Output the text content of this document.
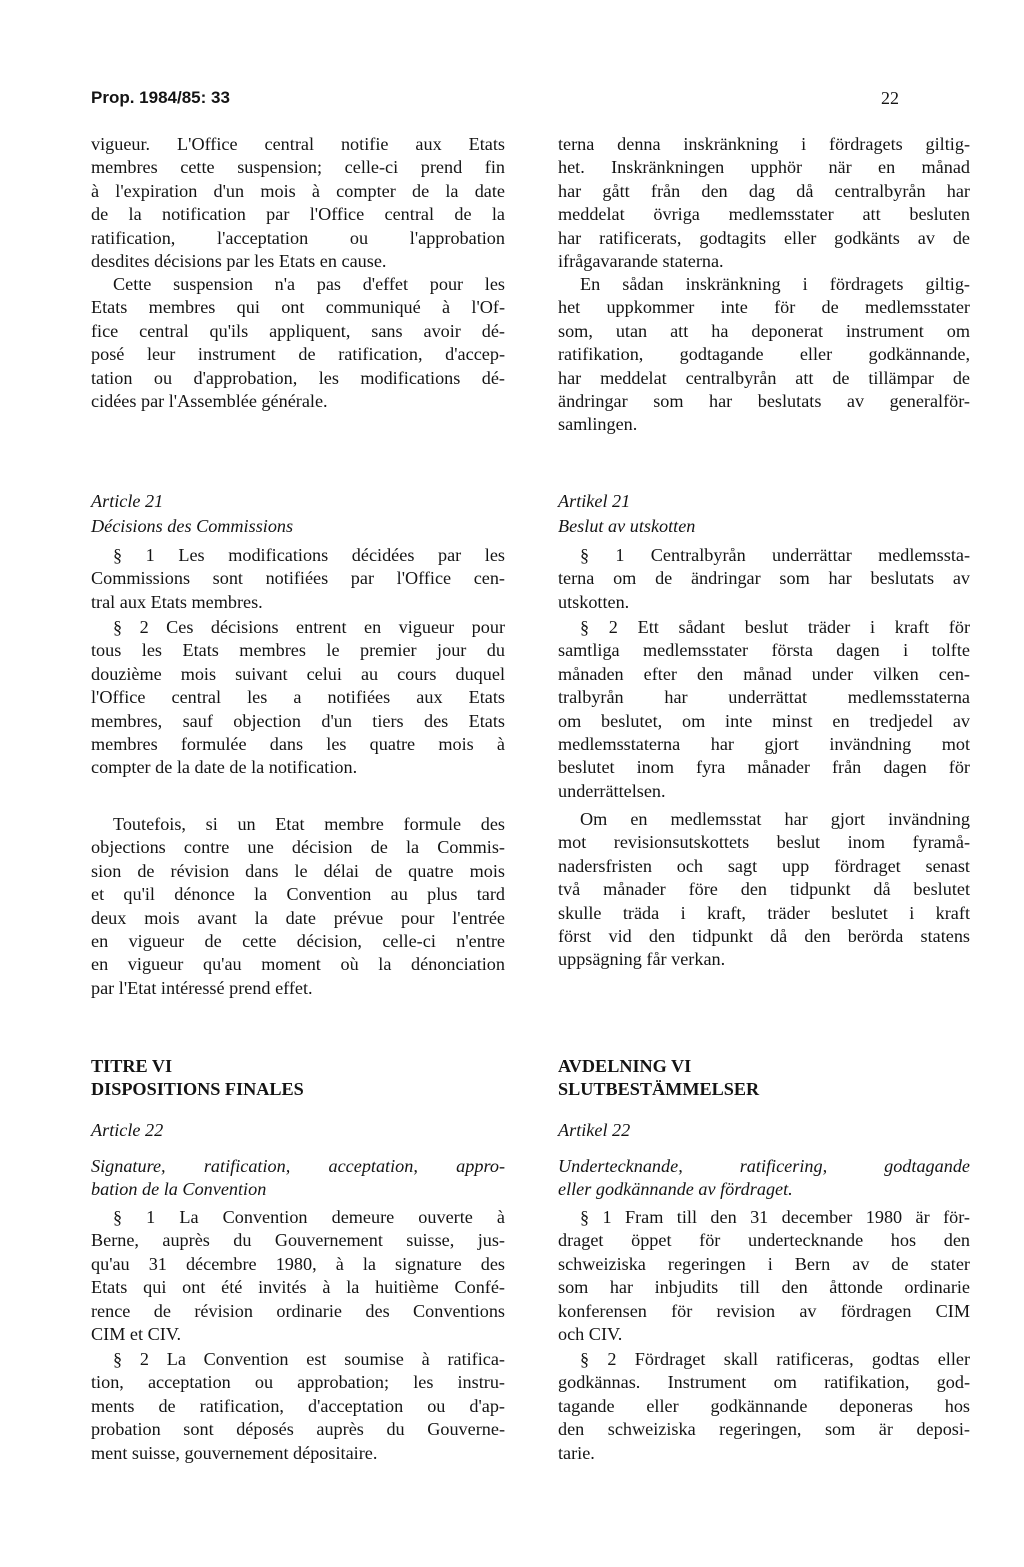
Prop. 1984/85: 33	22
vigueur. L'Office central notifie aux Etats
membres cette suspension; celle-ci prend fin
à l'expiration d'un mois à compter de la date
de la notification par l'Office central de la
ratification, l'acceptation ou l'approbation
desdites décisions par les Etats en cause.
Cette suspension n'a pas d'effet pour les
Etats membres qui ont communiqué à l'Of-
fice central qu'ils appliquent, sans avoir dé-
posé leur instrument de ratification, d'accep-
tation ou d'approbation, les modifications dé-
cidées par l'Assemblée générale.
Article 21
Décisions des Commissions
§ 1 Les modifications décidées par les
Commissions sont notifiées par l'Office cen-
tral aux Etats membres.
§ 2 Ces décisions entrent en vigueur pour
tous les Etats membres le premier jour du
douzième mois suivant celui au cours duquel
l'Office central les a notifiées aux Etats
membres, sauf objection d'un tiers des Etats
membres formulée dans les quatre mois à
compter de la date de la notification.
Toutefois, si un Etat membre formule des
objections contre une décision de la Commis-
sion de révision dans le délai de quatre mois
et qu'il dénonce la Convention au plus tard
deux mois avant la date prévue pour l'entrée
en vigueur de cette décision, celle-ci n'entre
en vigueur qu'au moment où la dénonciation
par l'Etat intéressé prend effet.
TITRE VI
DISPOSITIONS FINALES
Article 22
Signature, ratification, acceptation, appro-
bation de la Convention
§ 1 La Convention demeure ouverte à
Berne, auprès du Gouvernement suisse, jus-
qu'au 31 décembre 1980, à la signature des
Etats qui ont été invités à la huitième Confé-
rence de révision ordinarie des Conventions
CIM et CIV.
§ 2 La Convention est soumise à ratifica-
tion, acceptation ou approbation; les instru-
ments de ratification, d'acceptation ou d'ap-
probation sont déposés auprès du Gouverne-
ment suisse, gouvernement dépositaire.
terna denna inskränkning i fördragets giltig-
het. Inskränkningen upphör när en månad
har gått från den dag då centralbyrån har
meddelat övriga medlemsstater att besluten
har ratificerats, godtagits eller godkänts av de
ifrågavarande staterna.
En sådan inskränkning i fördragets giltig-
het uppkommer inte för de medlemsstater
som, utan att ha deponerat instrument om
ratifikation, godtagande eller godkännande,
har meddelat centralbyrån att de tillämpar de
ändringar som har beslutats av generalför-
samlingen.
Artikel 21
Beslut av utskotten
§ 1 Centralbyrån underrättar medlemssta-
terna om de ändringar som har beslutats av
utskotten.
§ 2 Ett sådant beslut träder i kraft för
samtliga medlemsstater första dagen i tolfte
månaden efter den månad under vilken cen-
tralbyrån har underrättat medlemsstaterna
om beslutet, om inte minst en tredjedel av
medlemsstaterna har gjort invändning mot
beslutet inom fyra månader från dagen för
underrättelsen.
Om en medlemsstat har gjort invändning
mot revisionsutskottets beslut inom fyramå-
nadersfristen och sagt upp fördraget senast
två månader före den tidpunkt då beslutet
skulle träda i kraft, träder beslutet i kraft
först vid den tidpunkt då den berörda statens
uppsägning får verkan.
AVDELNING VI
SLUTBESTÄMMELSER
Artikel 22
Undertecknande, ratificering, godtagande
eller godkännande av fördraget.
§ 1 Fram till den 31 december 1980 är för-
draget öppet för undertecknande hos den
schweiziska regeringen i Bern av de stater
som har inbjudits till den åttonde ordinarie
konferensen för revision av fördragen CIM
och CIV.
§ 2 Fördraget skall ratificeras, godtas eller
godkännas. Instrument om ratifikation, god-
tagande eller godkännande deponeras hos
den schweiziska regeringen, som är deposi-
tarie.
